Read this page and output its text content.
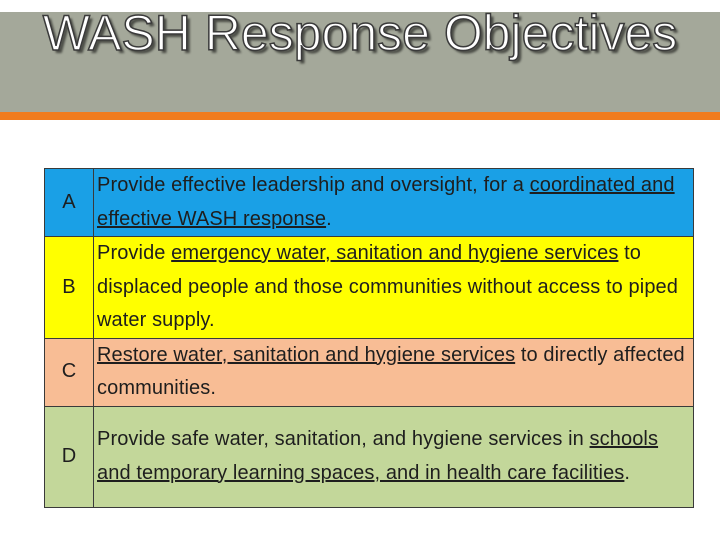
WASH Response Objectives
A	Provide effective leadership and oversight, for a coordinated and effective WASH response.
B	Provide emergency water, sanitation and hygiene services to displaced people and those communities without access to piped water supply.
C	Restore water, sanitation and hygiene services to directly affected communities.
D	Provide safe water, sanitation, and hygiene services in schools and temporary learning spaces, and in health care facilities.
